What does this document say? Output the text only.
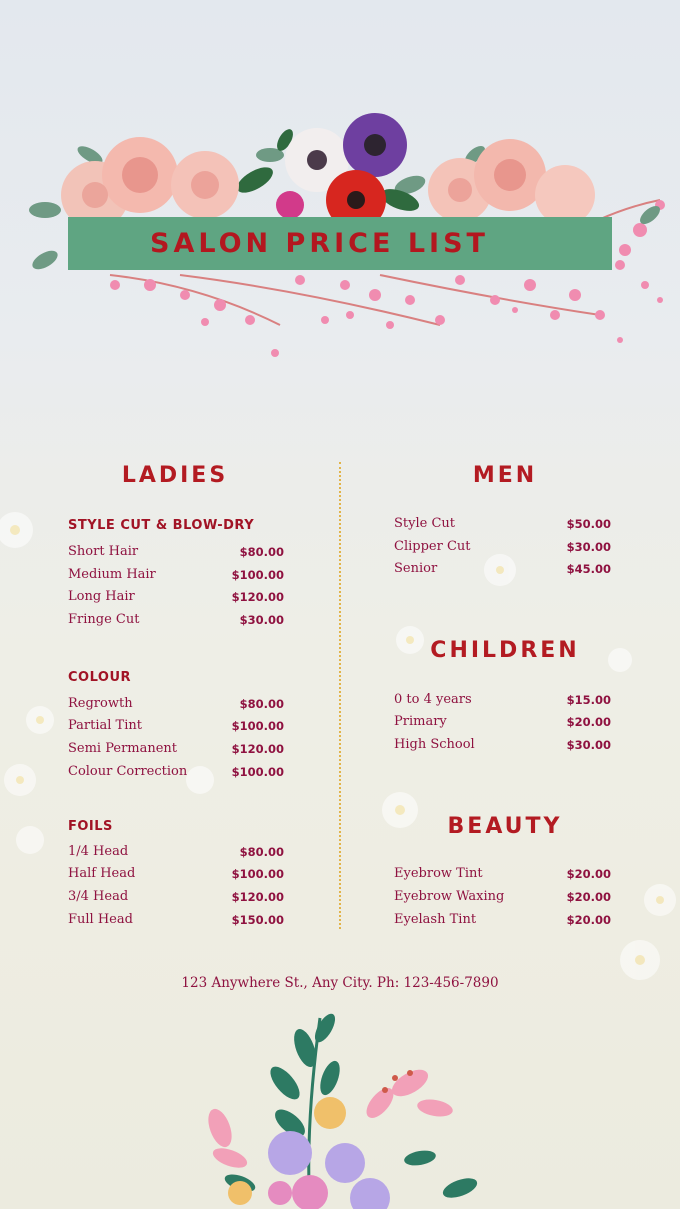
SALON PRICE LIST
LADIES
STYLE CUT & BLOW-DRY
Short Hair	$80.00
Medium Hair	$100.00
Long Hair	$120.00
Fringe Cut	$30.00
COLOUR
Regrowth	$80.00
Partial Tint	$100.00
Semi Permanent	$120.00
Colour Correction	$100.00
FOILS
1/4 Head	$80.00
Half Head	$100.00
3/4 Head	$120.00
Full Head	$150.00
MEN
Style Cut	$50.00
Clipper Cut	$30.00
Senior	$45.00
CHILDREN
0 to 4 years	$15.00
Primary	$20.00
High School	$30.00
BEAUTY
Eyebrow Tint	$20.00
Eyebrow Waxing	$20.00
Eyelash Tint	$20.00
123 Anywhere St., Any City. Ph: 123-456-7890
